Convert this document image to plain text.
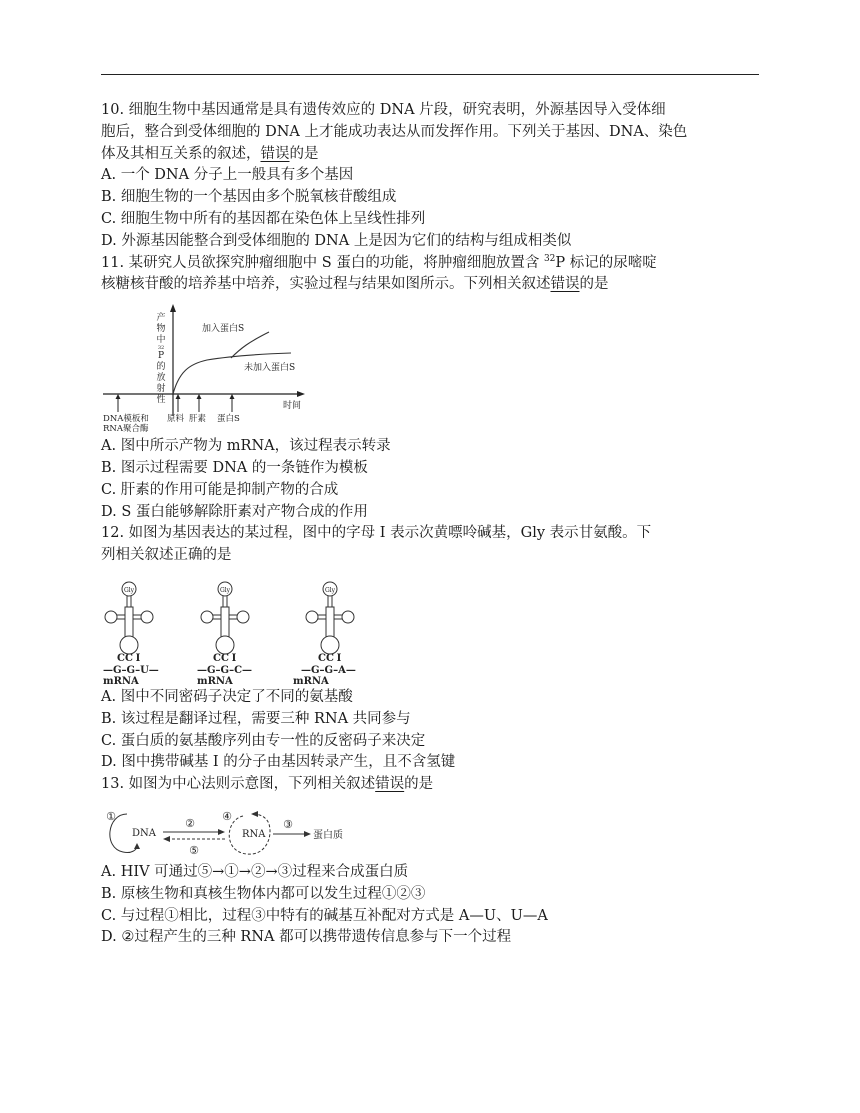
10. 细胞生物中基因通常是具有遗传效应的 DNA 片段，研究表明，外源基因导入受体细
胞后，整合到受体细胞的 DNA 上才能成功表达从而发挥作用。下列关于基因、DNA、染色
体及其相互关系的叙述，错误的是
A. 一个 DNA 分子上一般具有多个基因
B. 细胞生物的一个基因由多个脱氧核苷酸组成
C. 细胞生物中所有的基因都在染色体上呈线性排列
D. 外源基因能整合到受体细胞的 DNA 上是因为它们的结构与组成相类似
11. 某研究人员欲探究肿瘤细胞中 S 蛋白的功能，将肿瘤细胞放置含 $^{32}$P 标记的尿嘧啶
核糖核苷酸的培养基中培养，实验过程与结果如图所示。下列相关叙述错误的是
产
物
中
32
P
的
放
射
性
加入蛋白S
未加入蛋白S
时间
DNA模板和
RNA聚合酶
原料 肝素 蛋白S
A. 图中所示产物为 mRNA，该过程表示转录
B. 图示过程需要 DNA 的一条链作为模板
C. 肝素的作用可能是抑制产物的合成
D. S 蛋白能够解除肝素对产物合成的作用
12. 如图为基因表达的某过程，图中的字母 I 表示次黄嘌呤碱基，Gly 表示甘氨酸。下
列相关叙述正确的是
Gly
C C I
Gly
C C I
Gly
C C I
—G–G–U—	—G–G–C—	—G–G–A—
mRNA	mRNA	mRNA
A. 图中不同密码子决定了不同的氨基酸
B. 该过程是翻译过程，需要三种 RNA 共同参与
C. 蛋白质的氨基酸序列由专一性的反密码子来决定
D. 图中携带碱基 I 的分子由基因转录产生，且不含氢键
13. 如图为中心法则示意图，下列相关叙述错误的是
①
DNA
②
⑤
④
RNA
③
蛋白质
A. HIV 可通过⑤→①→②→③过程来合成蛋白质
B. 原核生物和真核生物体内都可以发生过程①②③
C. 与过程①相比，过程③中特有的碱基互补配对方式是 A—U、U—A
D. ②过程产生的三种 RNA 都可以携带遗传信息参与下一个过程
